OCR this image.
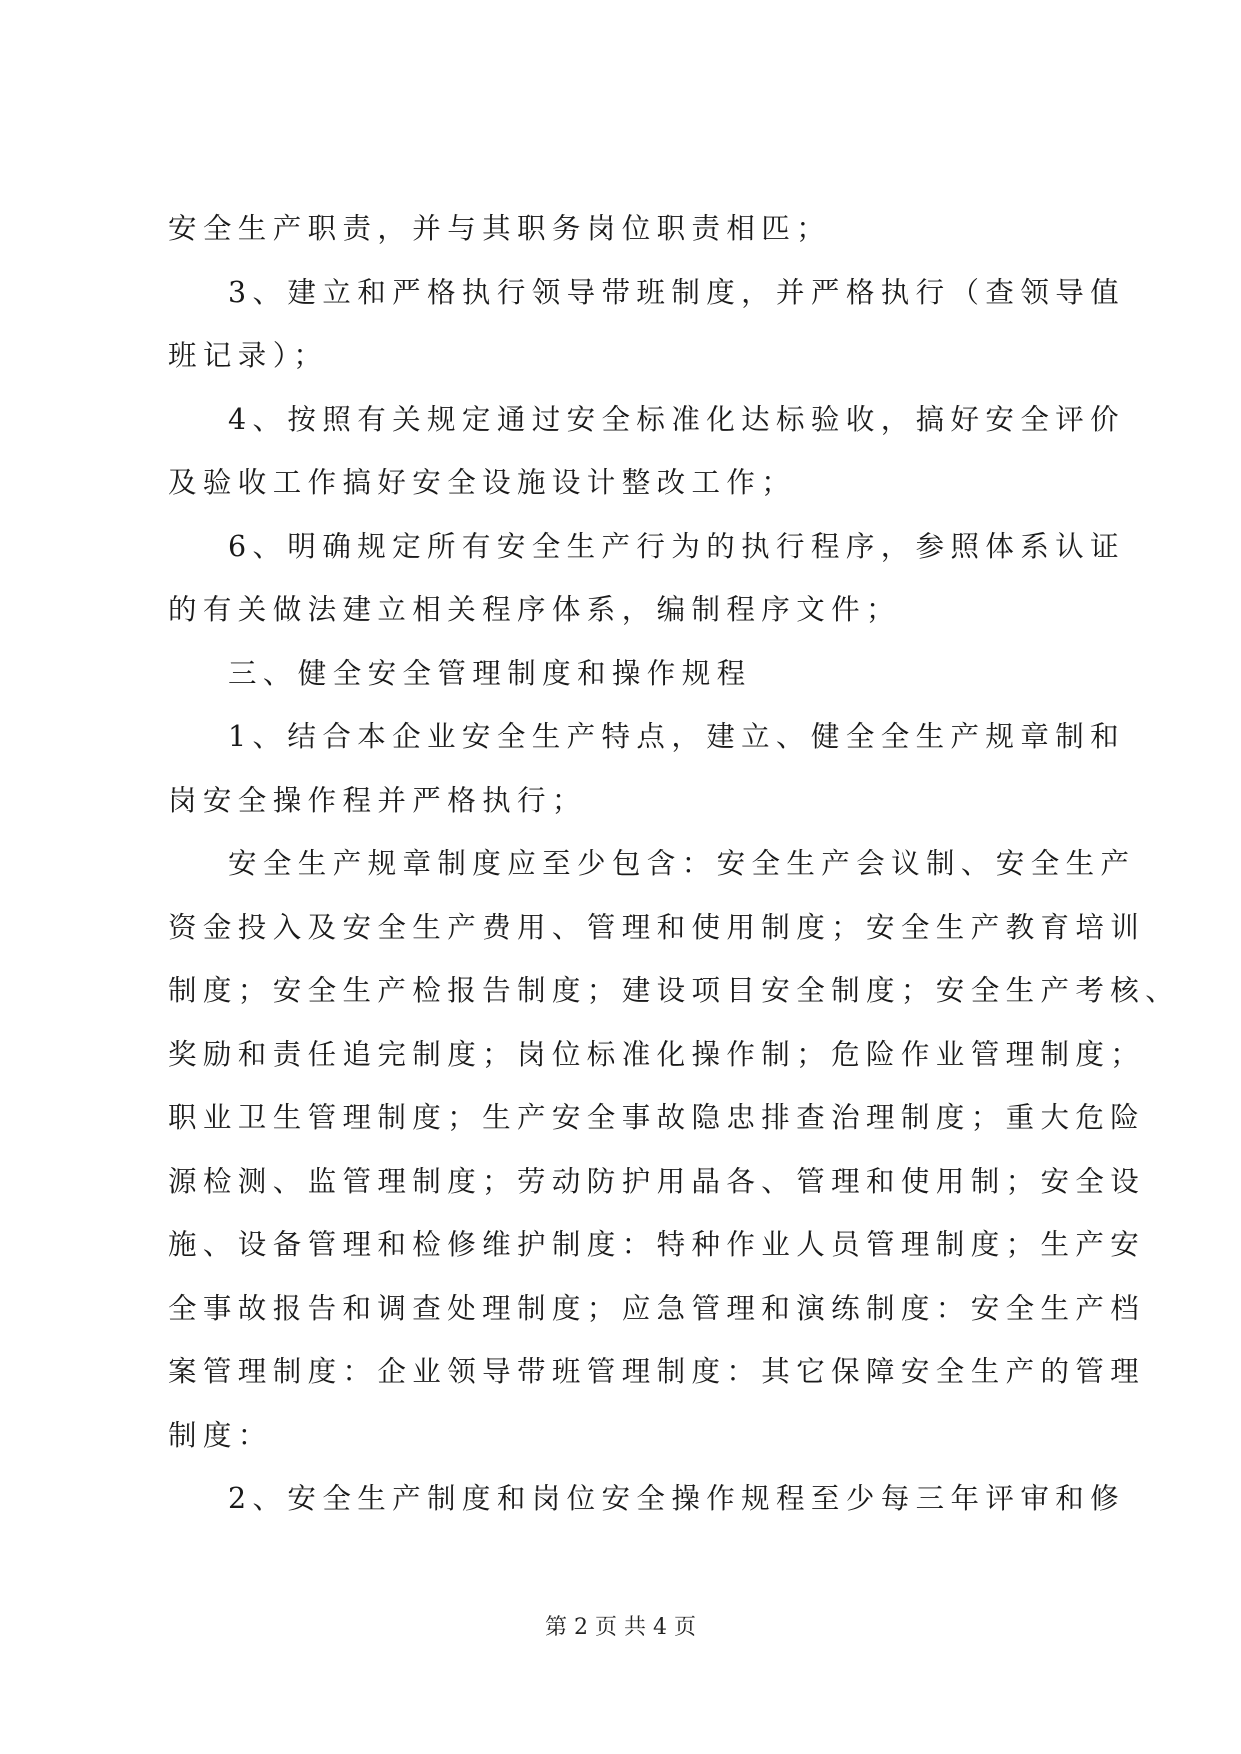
安全生产职责，并与其职务岗位职责相匹；
3、建立和严格执行领导带班制度，并严格执行（查领导值
班记录）；
4、按照有关规定通过安全标准化达标验收，搞好安全评价
及验收工作搞好安全设施设计整改工作；
6、明确规定所有安全生产行为的执行程序，参照体系认证
的有关做法建立相关程序体系，编制程序文件；
三、健全安全管理制度和操作规程
1、结合本企业安全生产特点，建立、健全全生产规章制和
岗安全操作程并严格执行；
安全生产规章制度应至少包含：安全生产会议制、安全生产
资金投入及安全生产费用、管理和使用制度；安全生产教育培训
制度；安全生产检报告制度；建设项目安全制度；安全生产考核、
奖励和责任追完制度；岗位标准化操作制；危险作业管理制度；
职业卫生管理制度；生产安全事故隐忠排查治理制度；重大危险
源检测、监管理制度；劳动防护用晶各、管理和使用制；安全设
施、设备管理和检修维护制度：特种作业人员管理制度；生产安
全事故报告和调查处理制度；应急管理和演练制度：安全生产档
案管理制度：企业领导带班管理制度：其它保障安全生产的管理
制度：
2、安全生产制度和岗位安全操作规程至少每三年评审和修
第 2 页 共 4 页
